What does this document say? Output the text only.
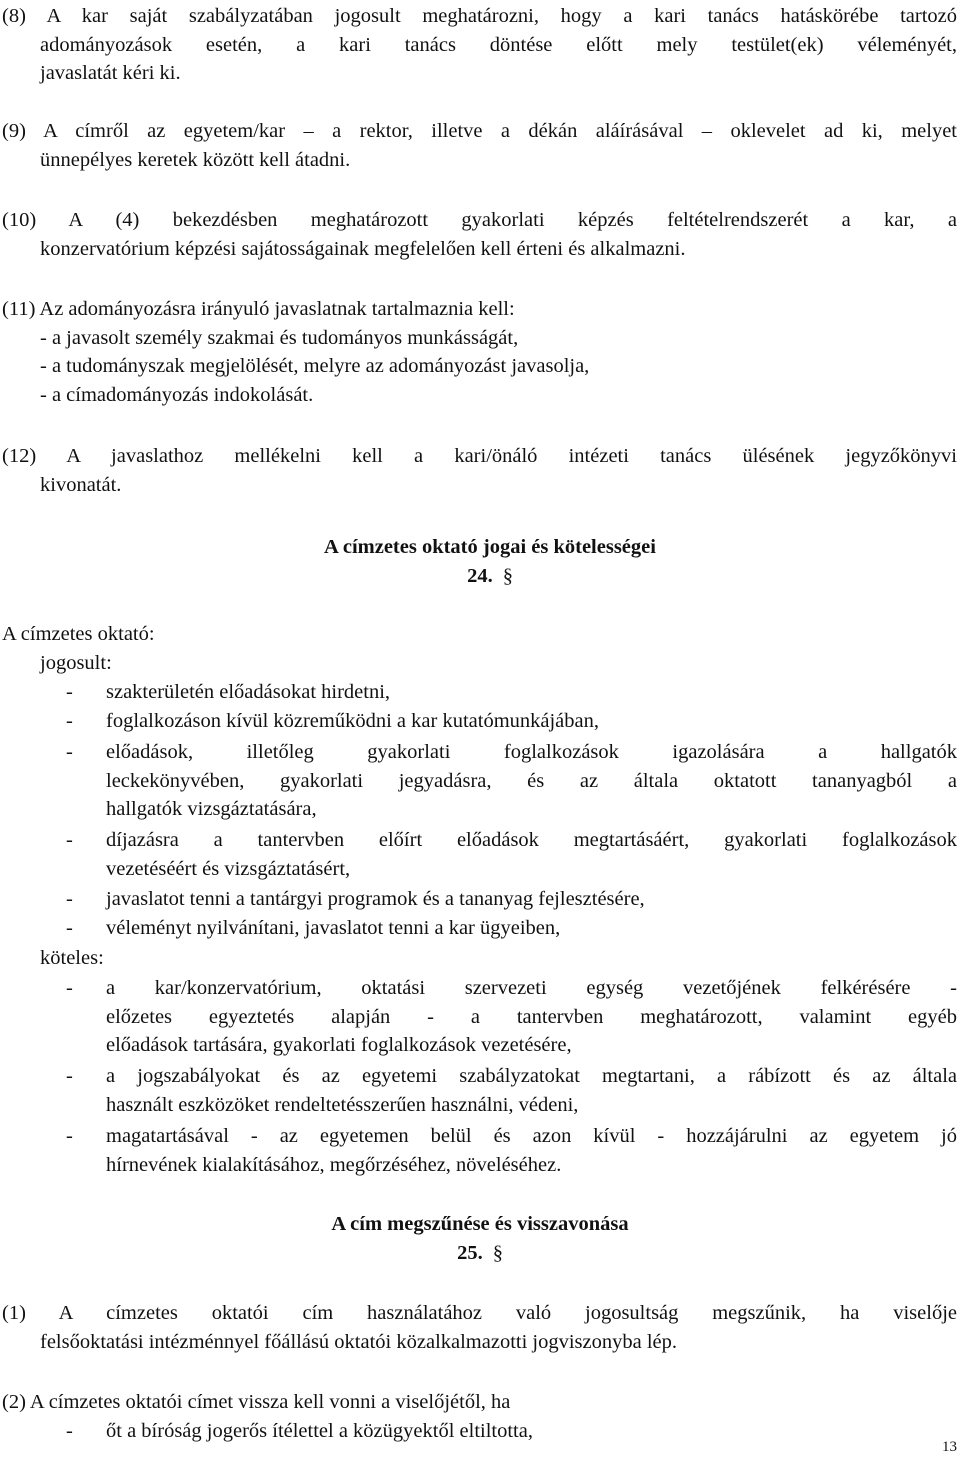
(8) A kar saját szabályzatában jogosult meghatározni, hogy a kari tanács hatáskörébe tartozó
adományozások esetén, a kari tanács döntése előtt mely testület(ek) véleményét,
javaslatát kéri ki.
(9) A címről az egyetem/kar – a rektor, illetve a dékán aláírásával – oklevelet ad ki, melyet
ünnepélyes keretek között kell átadni.
(10) A (4) bekezdésben meghatározott gyakorlati képzés feltételrendszerét a kar, a
konzervatórium képzési sajátosságainak megfelelően kell érteni és alkalmazni.
(11) Az adományozásra irányuló javaslatnak tartalmaznia kell:
- a javasolt személy szakmai és tudományos munkásságát,
- a tudományszak megjelölését, melyre az adományozást javasolja,
- a címadományozás indokolását.
(12) A javaslathoz mellékelni kell a kari/önáló intézeti tanács ülésének jegyzőkönyvi
kivonatát.
A címzetes oktató jogai és kötelességei
24. §

A címzetes oktató:

jogosult:

- szakterületén előadásokat hirdetni,
- foglalkozáson kívül közreműködni a kar kutatómunkájában,
- előadások, illetőleg gyakorlati foglalkozások igazolására a hallgatók
leckekönyvében, gyakorlati jegyadásra, és az általa oktatott tananyagból a
hallgatók vizsgáztatására,
- díjazásra a tantervben előírt előadások megtartásáért, gyakorlati foglalkozások
vezetéséért és vizsgáztatásért,
- javaslatot tenni a tantárgyi programok és a tananyag fejlesztésére,
- véleményt nyilvánítani, javaslatot tenni a kar ügyeiben,

köteles:

- a kar/konzervatórium, oktatási szervezeti egység vezetőjének felkérésére -
előzetes egyeztetés alapján - a tantervben meghatározott, valamint egyéb
előadások tartására, gyakorlati foglalkozások vezetésére,
- a jogszabályokat és az egyetemi szabályzatokat megtartani, a rábízott és az általa
használt eszközöket rendeltetésszerűen használni, védeni,
- magatartásával - az egyetemen belül és azon kívül - hozzájárulni az egyetem jó
hírnevének kialakításához, megőrzéséhez, növeléséhez.
A cím megszűnése és visszavonása
25. §
(1) A címzetes oktatói cím használatához való jogosultság megszűnik, ha viselője
felsőoktatási intézménnyel főállású oktatói közalkalmazotti jogviszonyba lép.
(2) A címzetes oktatói címet vissza kell vonni a viselőjétől, ha
- őt a bíróság jogerős ítélettel a közügyektől eltiltotta,
13
